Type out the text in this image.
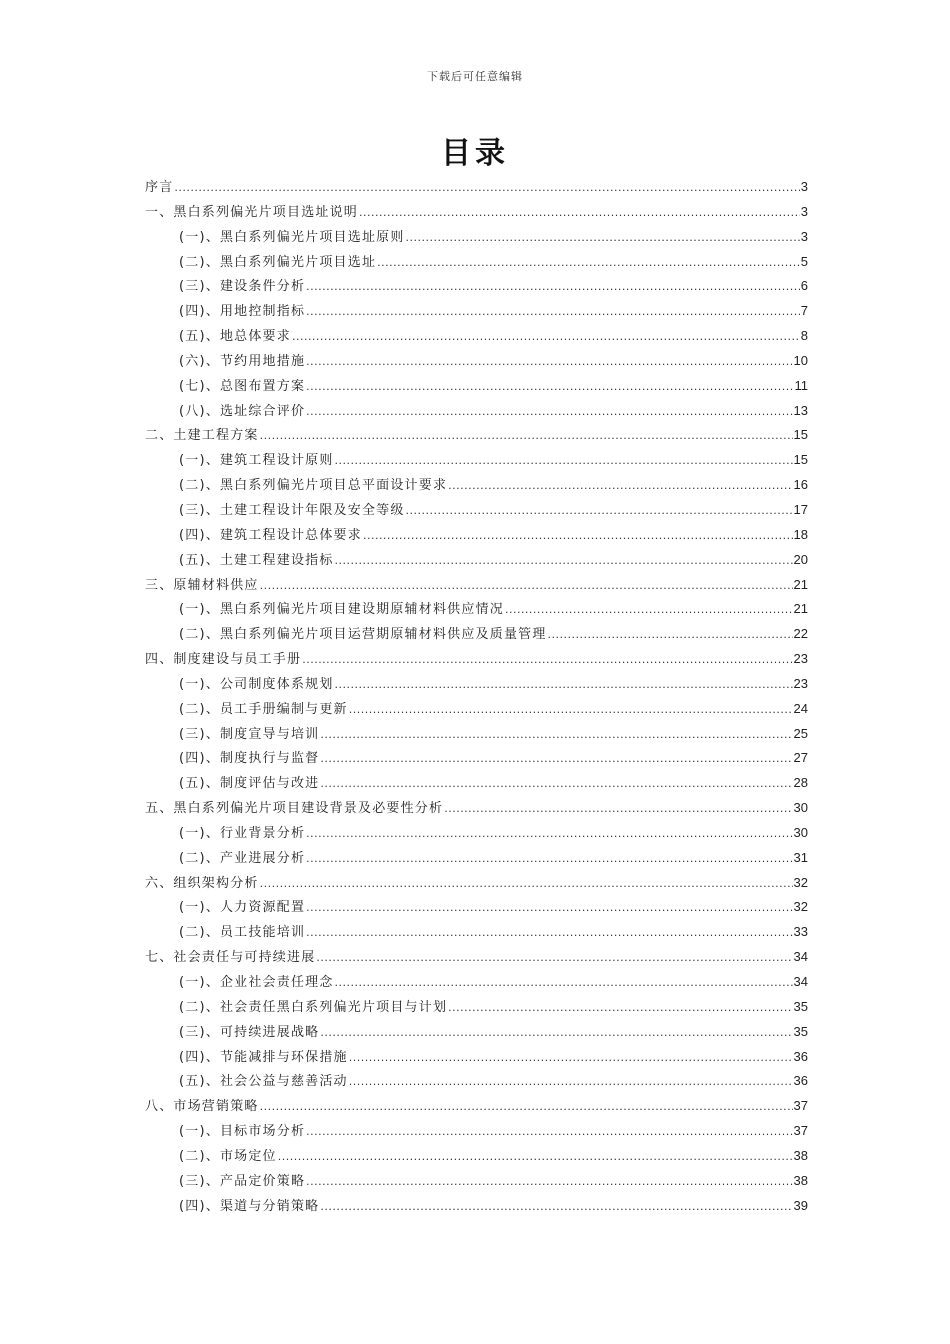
下载后可任意编辑
目录
序言 .....	3
一、黑白系列偏光片项目选址说明 .....	3
(一)、黑白系列偏光片项目选址原则 .....	3
(二)、黑白系列偏光片项目选址 .....	5
(三)、建设条件分析 .....	6
(四)、用地控制指标 .....	7
(五)、地总体要求 .....	8
(六)、节约用地措施 .....	10
(七)、总图布置方案 .....	11
(八)、选址综合评价 .....	13
二、土建工程方案 .....	15
(一)、建筑工程设计原则 .....	15
(二)、黑白系列偏光片项目总平面设计要求 .....	16
(三)、土建工程设计年限及安全等级 .....	17
(四)、建筑工程设计总体要求 .....	18
(五)、土建工程建设指标 .....	20
三、原辅材料供应 .....	21
(一)、黑白系列偏光片项目建设期原辅材料供应情况 .....	21
(二)、黑白系列偏光片项目运营期原辅材料供应及质量管理 .....	22
四、制度建设与员工手册 .....	23
(一)、公司制度体系规划 .....	23
(二)、员工手册编制与更新 .....	24
(三)、制度宣导与培训 .....	25
(四)、制度执行与监督 .....	27
(五)、制度评估与改进 .....	28
五、黑白系列偏光片项目建设背景及必要性分析 .....	30
(一)、行业背景分析 .....	30
(二)、产业进展分析 .....	31
六、组织架构分析 .....	32
(一)、人力资源配置 .....	32
(二)、员工技能培训 .....	33
七、社会责任与可持续进展 .....	34
(一)、企业社会责任理念 .....	34
(二)、社会责任黑白系列偏光片项目与计划 .....	35
(三)、可持续进展战略 .....	35
(四)、节能减排与环保措施 .....	36
(五)、社会公益与慈善活动 .....	36
八、市场营销策略 .....	37
(一)、目标市场分析 .....	37
(二)、市场定位 .....	38
(三)、产品定价策略 .....	38
(四)、渠道与分销策略 .....	39
